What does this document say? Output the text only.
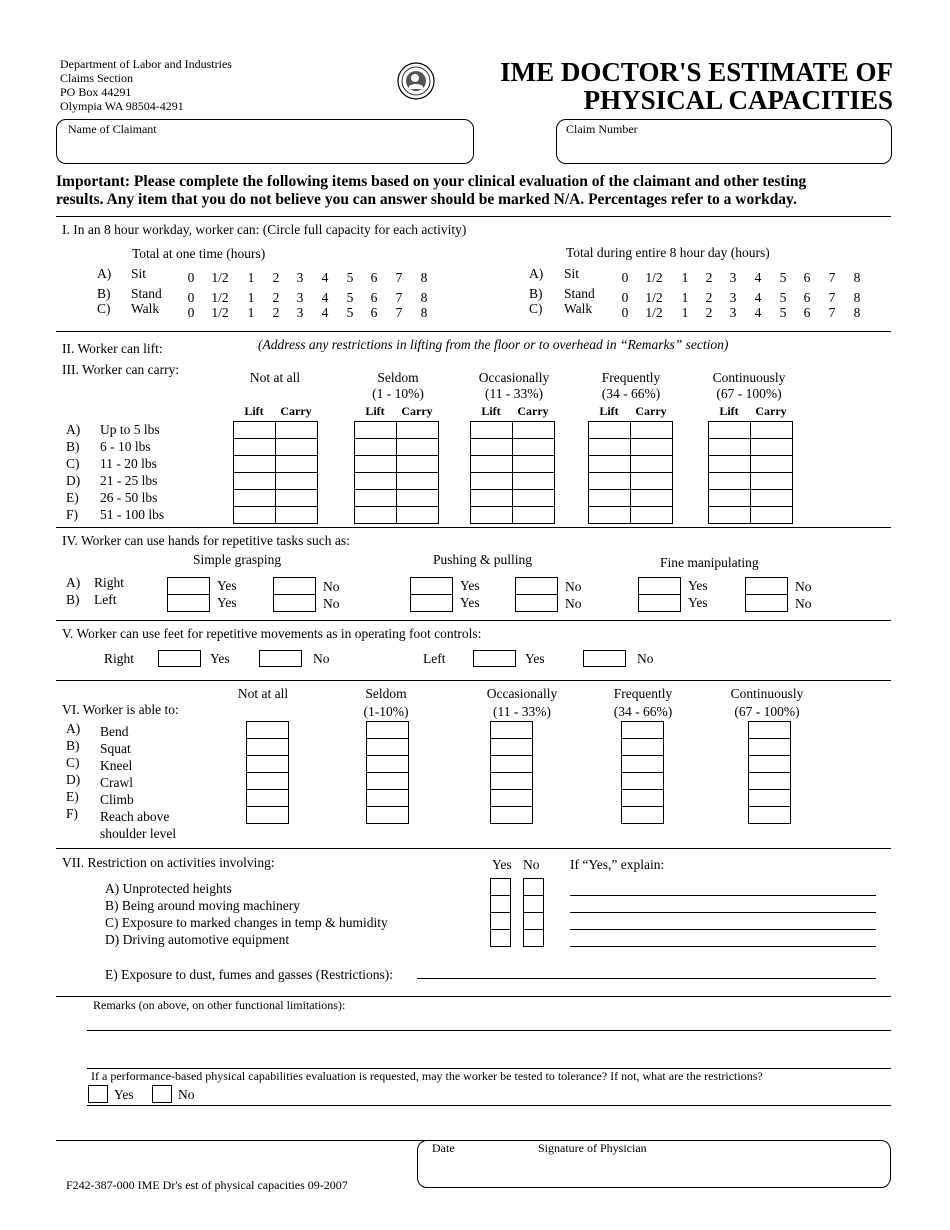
Department of Labor and Industries
Claims Section
PO Box 44291
Olympia WA 98504-4291
IME DOCTOR'S ESTIMATE OF
PHYSICAL CAPACITIES
Name of Claimant	Claim Number
Important: Please complete the following items based on your clinical evaluation of the claimant and other testing
results. Any item that you do not believe you can answer should be marked N/A. Percentages refer to a workday.
I. In an 8 hour workday, worker can: (Circle full capacity for each activity)
Total at one time (hours)	Total during entire 8 hour day (hours)
A) Sit	0	1/2	1	2	3	4	5	6	7	8	A) Sit	0	1/2	1	2	3	4	5	6	7	8
B) Stand	0	1/2	1	2	3	4	5	6	7	8	B) Stand	0	1/2	1	2	3	4	5	6	7	8
C) Walk	0	1/2	1	2	3	4	5	6	7	8	C) Walk	0	1/2	1	2	3	4	5	6	7	8
II. Worker can lift:	(Address any restrictions in lifting from the floor or to overhead in “Remarks” section)
III. Worker can carry:
Not at all
Lift	Carry
Seldom
(1 - 10%)
Lift	Carry
Occasionally
(11 - 33%)
Lift	Carry
Frequently
(34 - 66%)
Lift	Carry
Continuously
(67 - 100%)
Lift	Carry
A) Up to 5 lbs
B) 6 - 10 lbs
C) 11 - 20 lbs
D) 21 - 25 lbs
E) 26 - 50 lbs
F) 51 - 100 lbs
IV. Worker can use hands for repetitive tasks such as:
Simple grasping	Pushing & pulling	Fine manipulating
A) Right	Yes	No	Yes	No	Yes	No
B) Left	Yes	No	Yes	No	Yes	No
V. Worker can use feet for repetitive movements as in operating foot controls:
Right	Yes	No	Left	Yes	No
VI. Worker is able to:
Not at all	Seldom
(1-10%)
Occasionally
(11 - 33%)
Frequently
(34 - 66%)
Continuously
(67 - 100%)
A) Bend
B) Squat
C) Kneel
D) Crawl
E) Climb
F) Reach above
shoulder level
VII. Restriction on activities involving:	Yes No If “Yes,” explain:
A) Unprotected heights
B) Being around moving machinery
C) Exposure to marked changes in temp & humidity
D) Driving automotive equipment
E) Exposure to dust, fumes and gasses (Restrictions):
Remarks (on above, on other functional limitations):
If a performance-based physical capabilities evaluation is requested, may the worker be tested to tolerance? If not, what are the restrictions?
Yes	No
Date	Signature of Physician
F242-387-000 IME Dr's est of physical capacities 09-2007
